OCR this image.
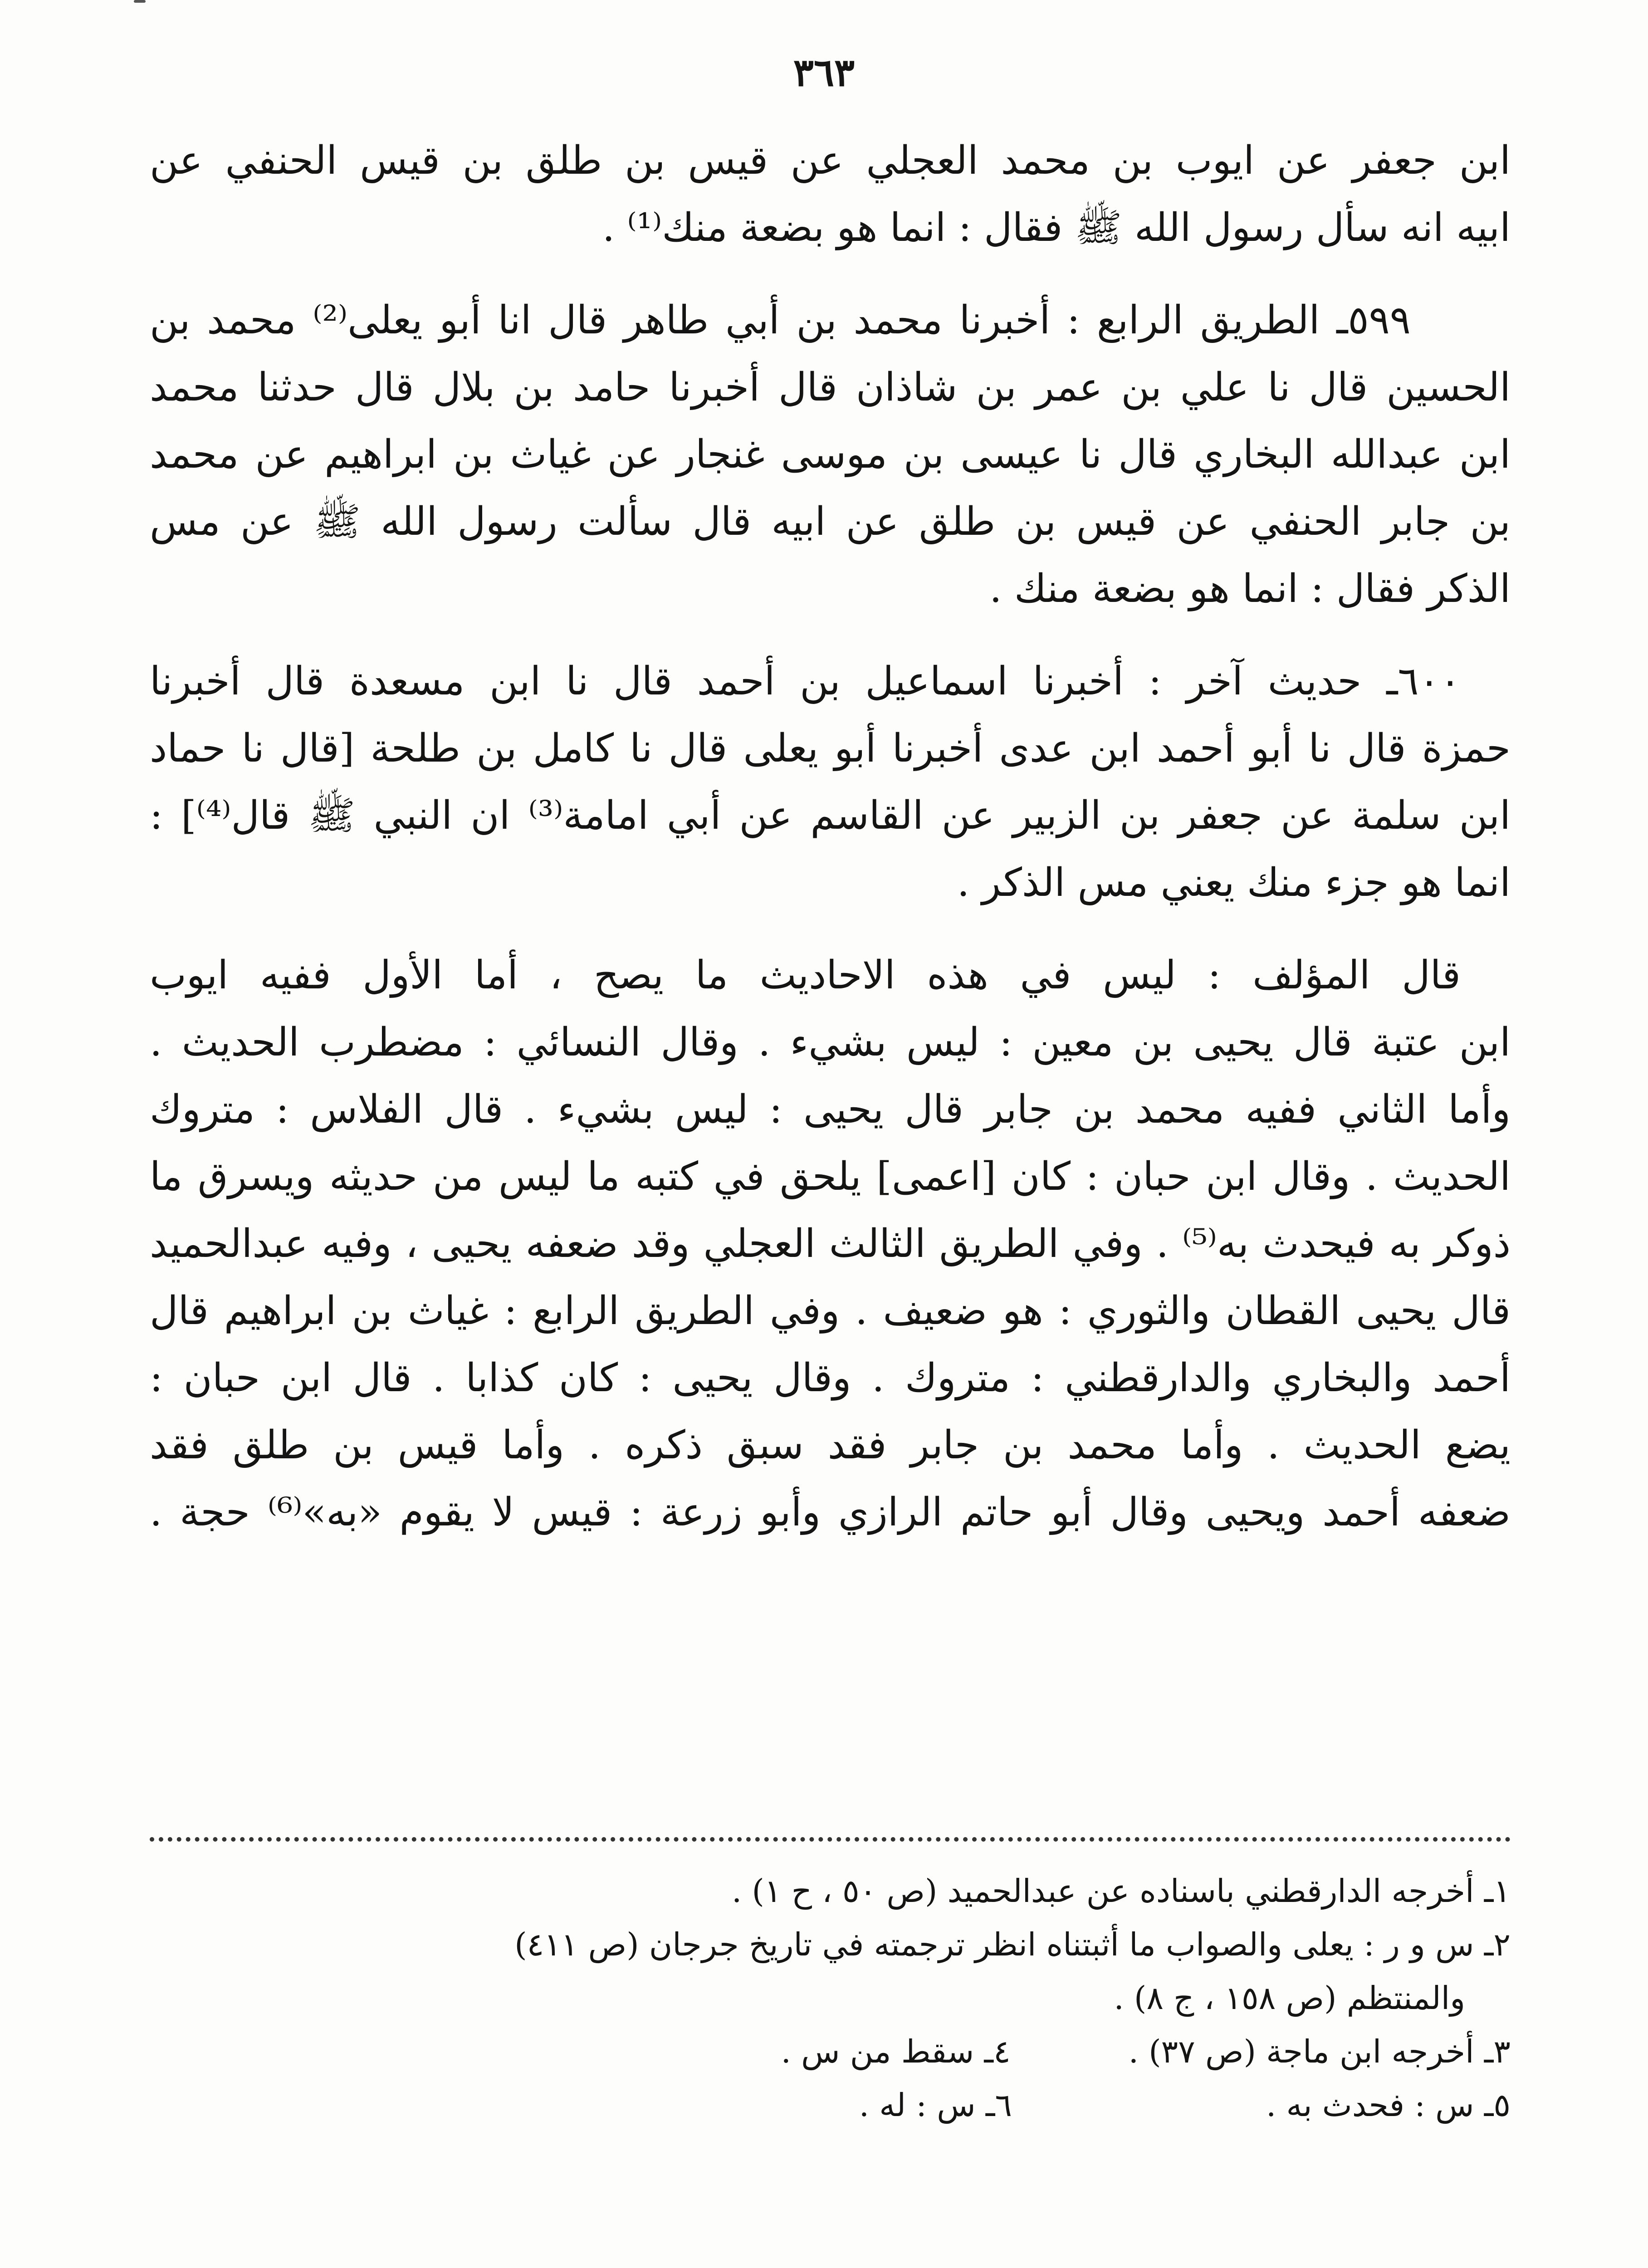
٣٦٣

ابن جعفر عن ايوب بن محمد العجلي عن قيس بن طلق بن قيس الحنفي عن
ابيه انه سأل رسول الله ﷺ فقال : انما هو بضعة منك⁽¹⁾ .

٥٩٩ـ الطريق الرابع : أخبرنا محمد بن أبي طاهر قال انا أبو يعلى⁽²⁾ محمد بن
الحسين قال نا علي بن عمر بن شاذان قال أخبرنا حامد بن بلال قال حدثنا محمد
ابن عبدالله البخاري قال نا عيسى بن موسى غنجار عن غياث بن ابراهيم عن محمد
بن جابر الحنفي عن قيس بن طلق عن ابيه قال سألت رسول الله ﷺ عن مس
الذكر فقال : انما هو بضعة منك .

٦٠٠ـ حديث آخر : أخبرنا اسماعيل بن أحمد قال نا ابن مسعدة قال أخبرنا
حمزة قال نا أبو أحمد ابن عدى أخبرنا أبو يعلى قال نا كامل بن طلحة [قال نا حماد
ابن سلمة عن جعفر بن الزبير عن القاسم عن أبي امامة⁽³⁾ ان النبي ﷺ قال⁽⁴⁾] :
انما هو جزء منك يعني مس الذكر .

قال المؤلف : ليس في هذه الاحاديث ما يصح ، أما الأول ففيه ايوب
ابن عتبة قال يحيى بن معين : ليس بشيء . وقال النسائي : مضطرب الحديث .
وأما الثاني ففيه محمد بن جابر قال يحيى : ليس بشيء . قال الفلاس : متروك
الحديث . وقال ابن حبان : كان [اعمى] يلحق في كتبه ما ليس من حديثه ويسرق ما
ذوكر به فيحدث به⁽⁵⁾ . وفي الطريق الثالث العجلي وقد ضعفه يحيى ، وفيه عبدالحميد
قال يحيى القطان والثوري : هو ضعيف . وفي الطريق الرابع : غياث بن ابراهيم قال
أحمد والبخاري والدارقطني : متروك . وقال يحيى : كان كذابا . قال ابن حبان :
يضع الحديث . وأما محمد بن جابر فقد سبق ذكره . وأما قيس بن طلق فقد
ضعفه أحمد ويحيى وقال أبو حاتم الرازي وأبو زرعة : قيس لا يقوم «به»⁽⁶⁾ حجة .

١ـ أخرجه الدارقطني باسناده عن عبدالحميد (ص ٥٠ ، ح ١) .
٢ـ س و ر : يعلى والصواب ما أثبتناه انظر ترجمته في تاريخ جرجان (ص ٤١١)
والمنتظم (ص ١٥٨ ، ج ٨) .
٣ـ أخرجه ابن ماجة (ص ٣٧) .
٤ـ سقط من س .
٥ـ س : فحدث به .
٦ـ س : له .
